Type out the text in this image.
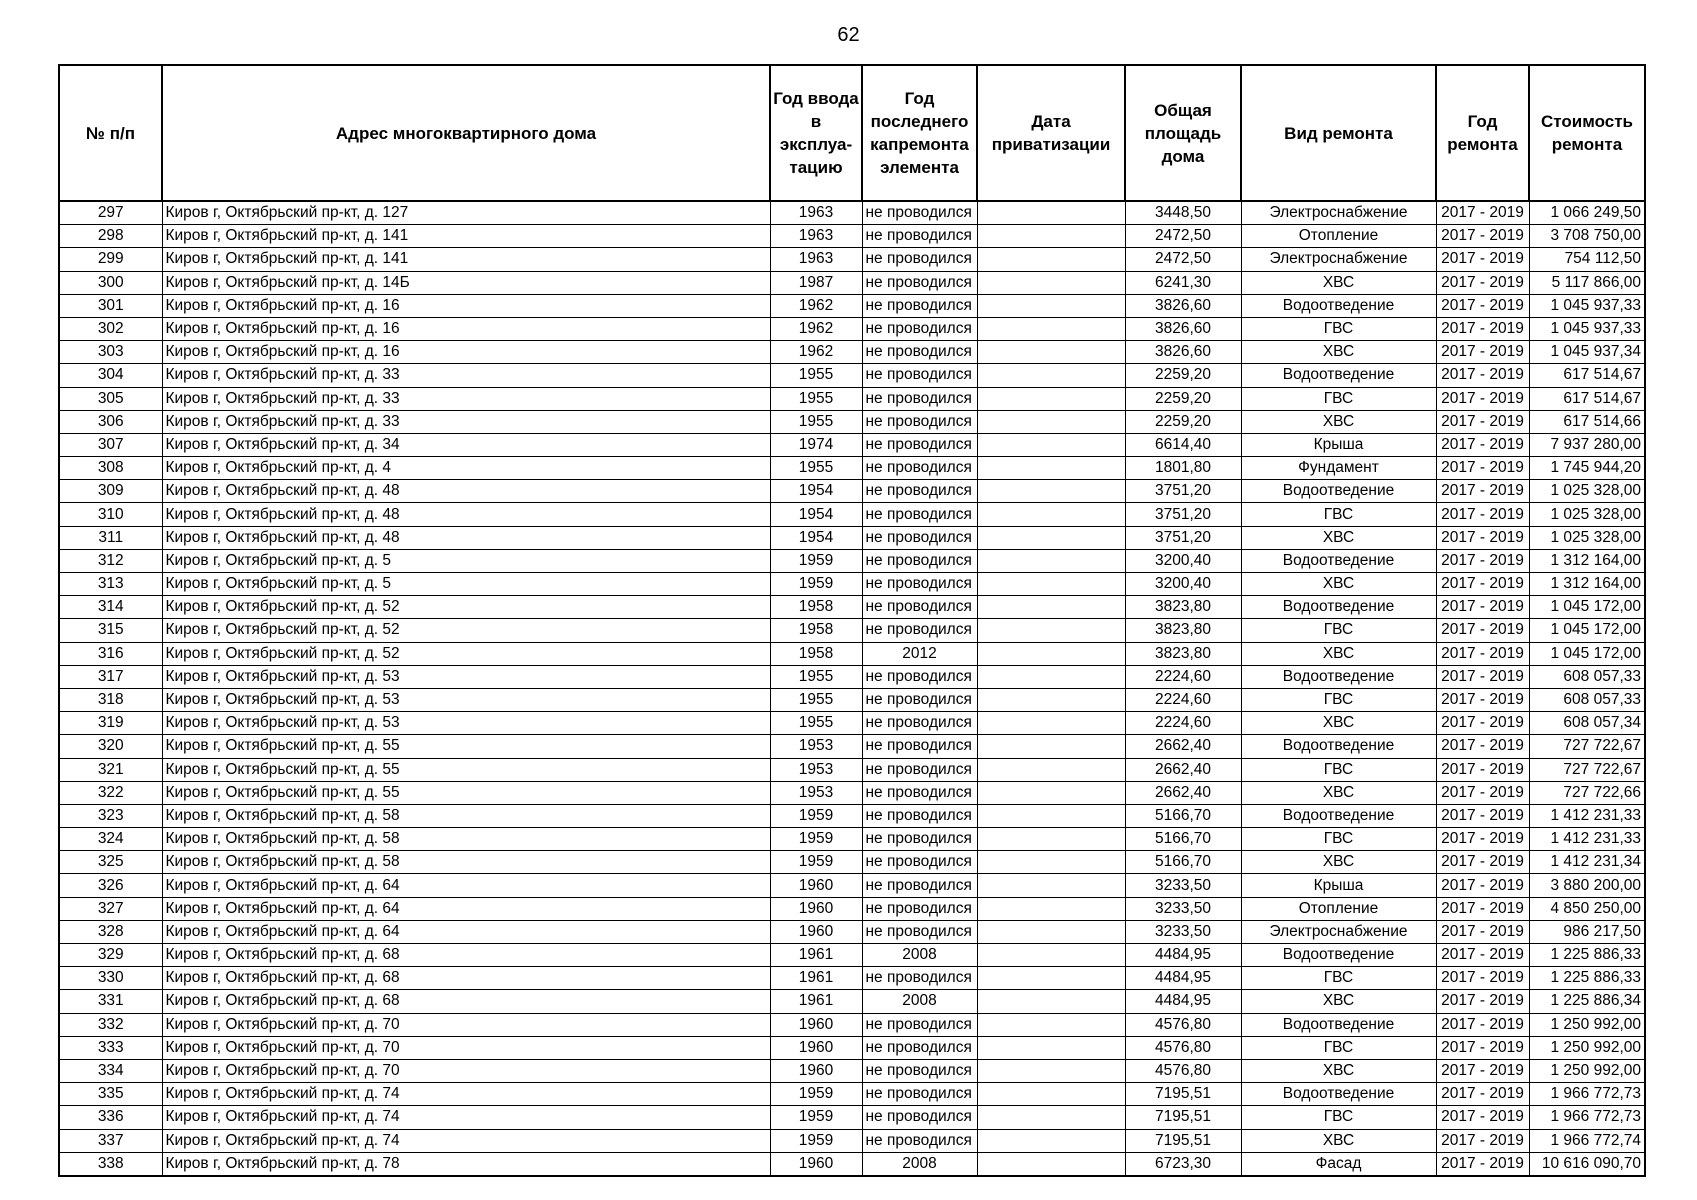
62
№ п/п	Адрес многоквартирного дома	Год ввода в эксплуа-тацию	Год последнего капремонта элемента	Дата приватизации	Общая площадь дома	Вид ремонта	Год ремонта	Стоимость ремонта
297	Киров г, Октябрьский пр-кт, д. 127	1963	не проводился		3448,50	Электроснабжение	2017 - 2019	1 066 249,50
298	Киров г, Октябрьский пр-кт, д. 141	1963	не проводился		2472,50	Отопление	2017 - 2019	3 708 750,00
299	Киров г, Октябрьский пр-кт, д. 141	1963	не проводился		2472,50	Электроснабжение	2017 - 2019	754 112,50
300	Киров г, Октябрьский пр-кт, д. 14Б	1987	не проводился		6241,30	ХВС	2017 - 2019	5 117 866,00
301	Киров г, Октябрьский пр-кт, д. 16	1962	не проводился		3826,60	Водоотведение	2017 - 2019	1 045 937,33
302	Киров г, Октябрьский пр-кт, д. 16	1962	не проводился		3826,60	ГВС	2017 - 2019	1 045 937,33
303	Киров г, Октябрьский пр-кт, д. 16	1962	не проводился		3826,60	ХВС	2017 - 2019	1 045 937,34
304	Киров г, Октябрьский пр-кт, д. 33	1955	не проводился		2259,20	Водоотведение	2017 - 2019	617 514,67
305	Киров г, Октябрьский пр-кт, д. 33	1955	не проводился		2259,20	ГВС	2017 - 2019	617 514,67
306	Киров г, Октябрьский пр-кт, д. 33	1955	не проводился		2259,20	ХВС	2017 - 2019	617 514,66
307	Киров г, Октябрьский пр-кт, д. 34	1974	не проводился		6614,40	Крыша	2017 - 2019	7 937 280,00
308	Киров г, Октябрьский пр-кт, д. 4	1955	не проводился		1801,80	Фундамент	2017 - 2019	1 745 944,20
309	Киров г, Октябрьский пр-кт, д. 48	1954	не проводился		3751,20	Водоотведение	2017 - 2019	1 025 328,00
310	Киров г, Октябрьский пр-кт, д. 48	1954	не проводился		3751,20	ГВС	2017 - 2019	1 025 328,00
311	Киров г, Октябрьский пр-кт, д. 48	1954	не проводился		3751,20	ХВС	2017 - 2019	1 025 328,00
312	Киров г, Октябрьский пр-кт, д. 5	1959	не проводился		3200,40	Водоотведение	2017 - 2019	1 312 164,00
313	Киров г, Октябрьский пр-кт, д. 5	1959	не проводился		3200,40	ХВС	2017 - 2019	1 312 164,00
314	Киров г, Октябрьский пр-кт, д. 52	1958	не проводился		3823,80	Водоотведение	2017 - 2019	1 045 172,00
315	Киров г, Октябрьский пр-кт, д. 52	1958	не проводился		3823,80	ГВС	2017 - 2019	1 045 172,00
316	Киров г, Октябрьский пр-кт, д. 52	1958	2012		3823,80	ХВС	2017 - 2019	1 045 172,00
317	Киров г, Октябрьский пр-кт, д. 53	1955	не проводился		2224,60	Водоотведение	2017 - 2019	608 057,33
318	Киров г, Октябрьский пр-кт, д. 53	1955	не проводился		2224,60	ГВС	2017 - 2019	608 057,33
319	Киров г, Октябрьский пр-кт, д. 53	1955	не проводился		2224,60	ХВС	2017 - 2019	608 057,34
320	Киров г, Октябрьский пр-кт, д. 55	1953	не проводился		2662,40	Водоотведение	2017 - 2019	727 722,67
321	Киров г, Октябрьский пр-кт, д. 55	1953	не проводился		2662,40	ГВС	2017 - 2019	727 722,67
322	Киров г, Октябрьский пр-кт, д. 55	1953	не проводился		2662,40	ХВС	2017 - 2019	727 722,66
323	Киров г, Октябрьский пр-кт, д. 58	1959	не проводился		5166,70	Водоотведение	2017 - 2019	1 412 231,33
324	Киров г, Октябрьский пр-кт, д. 58	1959	не проводился		5166,70	ГВС	2017 - 2019	1 412 231,33
325	Киров г, Октябрьский пр-кт, д. 58	1959	не проводился		5166,70	ХВС	2017 - 2019	1 412 231,34
326	Киров г, Октябрьский пр-кт, д. 64	1960	не проводился		3233,50	Крыша	2017 - 2019	3 880 200,00
327	Киров г, Октябрьский пр-кт, д. 64	1960	не проводился		3233,50	Отопление	2017 - 2019	4 850 250,00
328	Киров г, Октябрьский пр-кт, д. 64	1960	не проводился		3233,50	Электроснабжение	2017 - 2019	986 217,50
329	Киров г, Октябрьский пр-кт, д. 68	1961	2008		4484,95	Водоотведение	2017 - 2019	1 225 886,33
330	Киров г, Октябрьский пр-кт, д. 68	1961	не проводился		4484,95	ГВС	2017 - 2019	1 225 886,33
331	Киров г, Октябрьский пр-кт, д. 68	1961	2008		4484,95	ХВС	2017 - 2019	1 225 886,34
332	Киров г, Октябрьский пр-кт, д. 70	1960	не проводился		4576,80	Водоотведение	2017 - 2019	1 250 992,00
333	Киров г, Октябрьский пр-кт, д. 70	1960	не проводился		4576,80	ГВС	2017 - 2019	1 250 992,00
334	Киров г, Октябрьский пр-кт, д. 70	1960	не проводился		4576,80	ХВС	2017 - 2019	1 250 992,00
335	Киров г, Октябрьский пр-кт, д. 74	1959	не проводился		7195,51	Водоотведение	2017 - 2019	1 966 772,73
336	Киров г, Октябрьский пр-кт, д. 74	1959	не проводился		7195,51	ГВС	2017 - 2019	1 966 772,73
337	Киров г, Октябрьский пр-кт, д. 74	1959	не проводился		7195,51	ХВС	2017 - 2019	1 966 772,74
338	Киров г, Октябрьский пр-кт, д. 78	1960	2008		6723,30	Фасад	2017 - 2019	10 616 090,70
